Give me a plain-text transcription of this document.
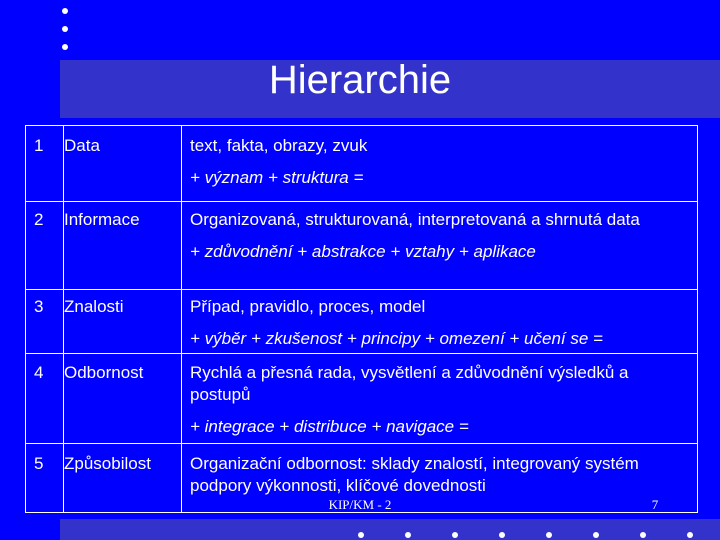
Hierarchie
1	Data	text, fakta, obrazy, zvuk
+ význam + struktura =

2	Informace	Organizovaná, strukturovaná, interpretovaná a shrnutá data
+ zdůvodnění + abstrakce + vztahy + aplikace

3	Znalosti	Případ, pravidlo, proces, model
+ výběr + zkušenost + principy + omezení + učení se =

4	Odbornost	Rychlá a přesná rada, vysvětlení a zdůvodnění výsledků a postupů
+ integrace + distribuce + navigace =

5	Způsobilost	Organizační odbornost: sklady znalostí, integrovaný systém podpory výkonnosti, klíčové dovednosti
KIP/KM - 2	7
